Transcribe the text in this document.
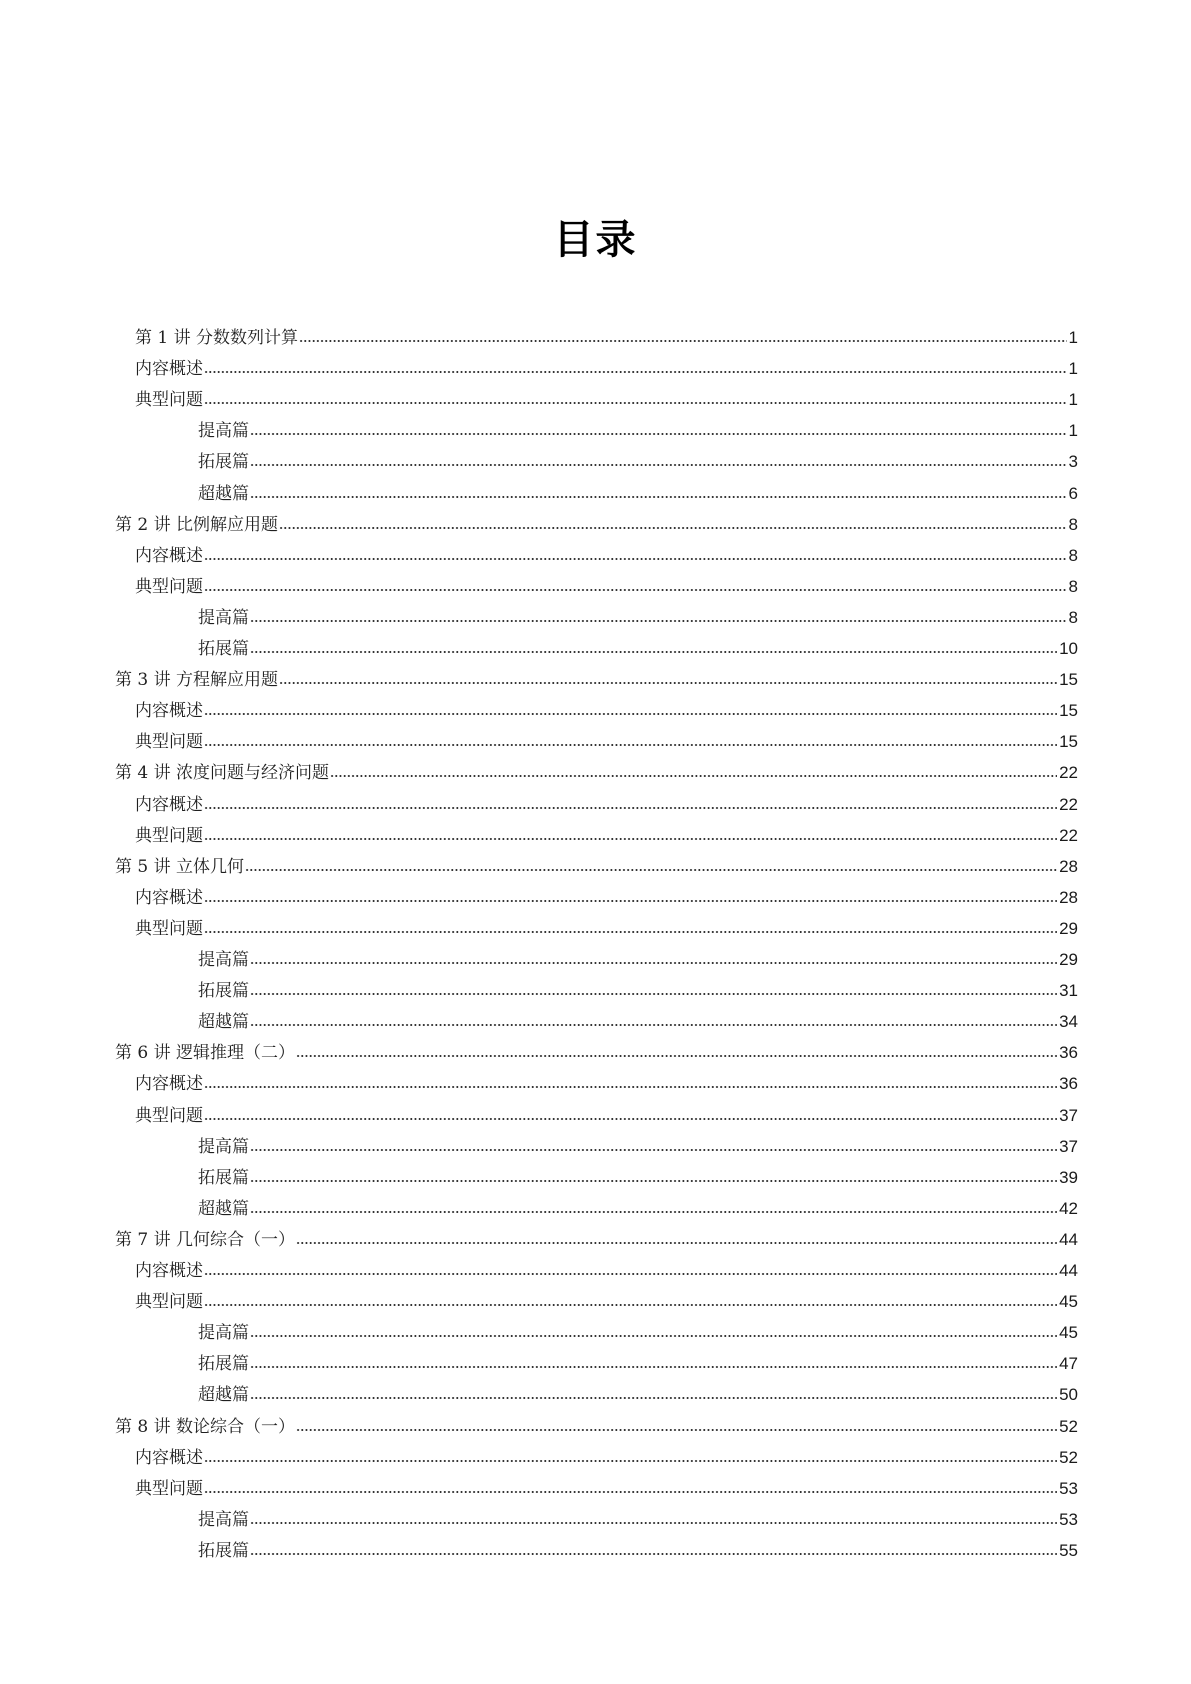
目录
第 1 讲 分数数列计算	1
内容概述	1
典型问题	1
提高篇	1
拓展篇	3
超越篇	6
第 2 讲 比例解应用题	8
内容概述	8
典型问题	8
提高篇	8
拓展篇	10
第 3 讲 方程解应用题	15
内容概述	15
典型问题	15
第 4 讲 浓度问题与经济问题	22
内容概述	22
典型问题	22
第 5 讲 立体几何	28
内容概述	28
典型问题	29
提高篇	29
拓展篇	31
超越篇	34
第 6 讲 逻辑推理（二）	36
内容概述	36
典型问题	37
提高篇	37
拓展篇	39
超越篇	42
第 7 讲 几何综合（一）	44
内容概述	44
典型问题	45
提高篇	45
拓展篇	47
超越篇	50
第 8 讲 数论综合（一）	52
内容概述	52
典型问题	53
提高篇	53
拓展篇	55
